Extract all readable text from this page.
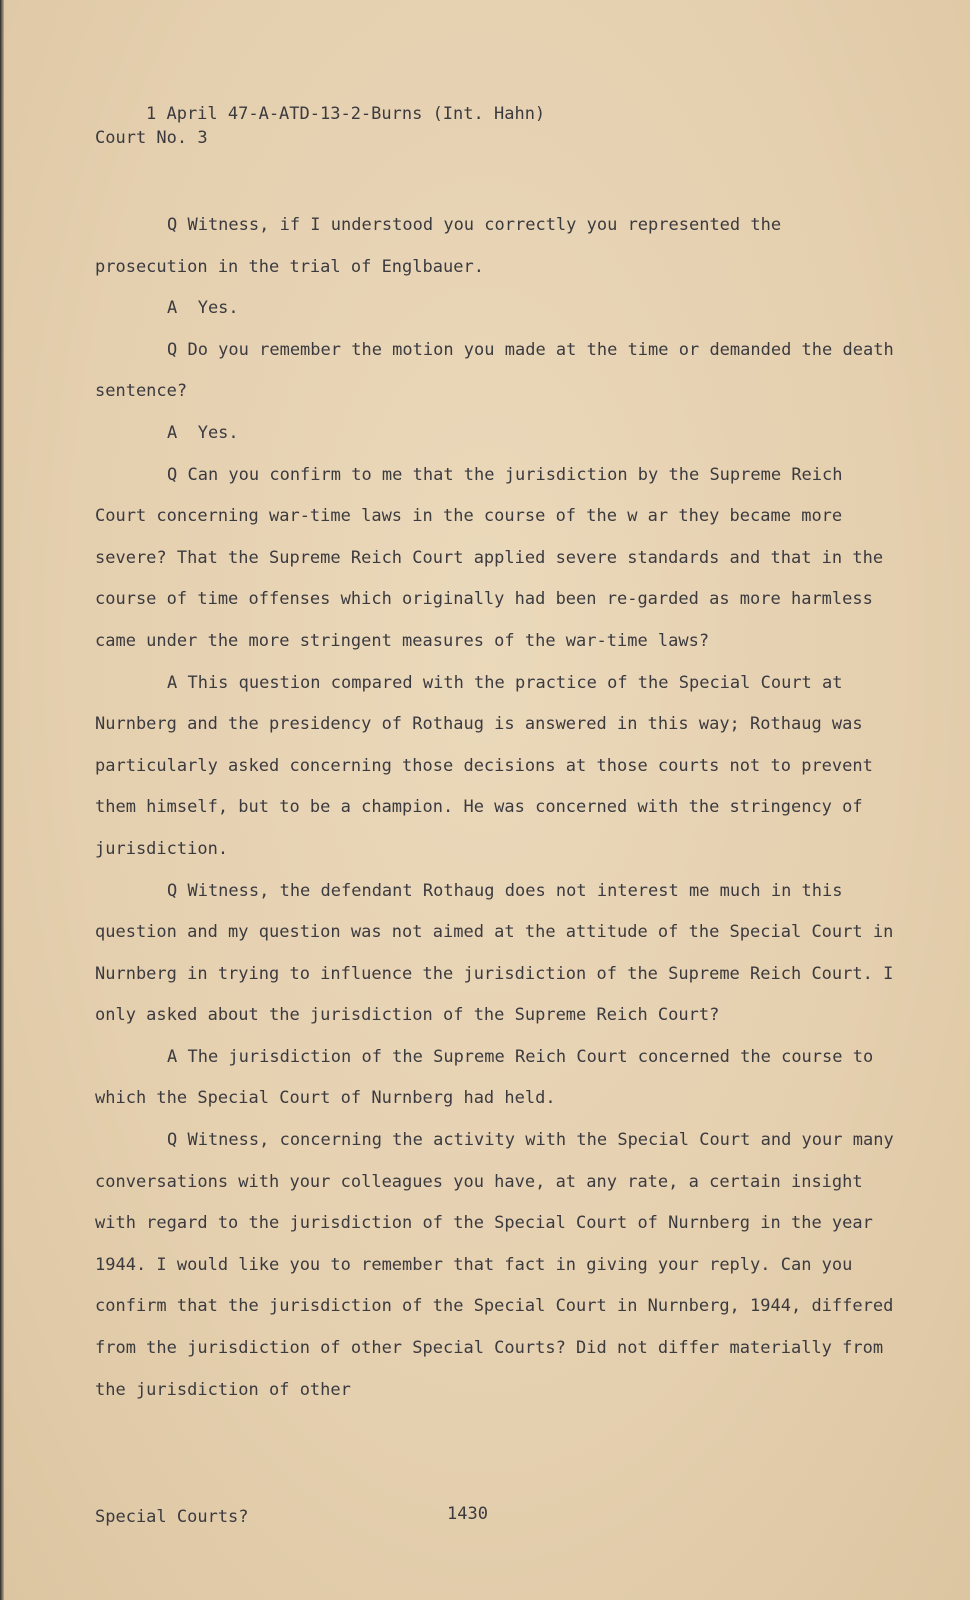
1 April 47-A-ATD-13-2-Burns (Int. Hahn)
Court No. 3

Q Witness, if I understood you correctly you represented the prosecution in the trial of Englbauer.

A  Yes.

Q Do you remember the motion you made at the time or demanded the death sentence?

A  Yes.

Q Can you confirm to me that the jurisdiction by the Supreme Reich Court concerning war-time laws in the course of the w ar they became more severe? That the Supreme Reich Court applied severe standards and that in the course of time offenses which originally had been re-garded as more harmless came under the more stringent measures of the war-time laws?

A This question compared with the practice of the Special Court at Nurnberg and the presidency of Rothaug is answered in this way; Rothaug was particularly asked concerning those decisions at those courts not to prevent them himself, but to be a champion. He was concerned with the stringency of jurisdiction.

Q Witness, the defendant Rothaug does not interest me much in this question and my question was not aimed at the attitude of the Special Court in Nurnberg in trying to influence the jurisdiction of the Supreme Reich Court. I only asked about the jurisdiction of the Supreme Reich Court?

A The jurisdiction of the Supreme Reich Court concerned the course to which the Special Court of Nurnberg had held.

Q Witness, concerning the activity with the Special Court and your many conversations with your colleagues you have, at any rate, a certain insight with regard to the jurisdiction of the Special Court of Nurnberg in the year 1944. I would like you to remember that fact in giving your reply. Can you confirm that the jurisdiction of the Special Court in Nurnberg, 1944, differed from the jurisdiction of other Special Courts? Did not differ materially from the jurisdiction of other

Special Courts?	1430
